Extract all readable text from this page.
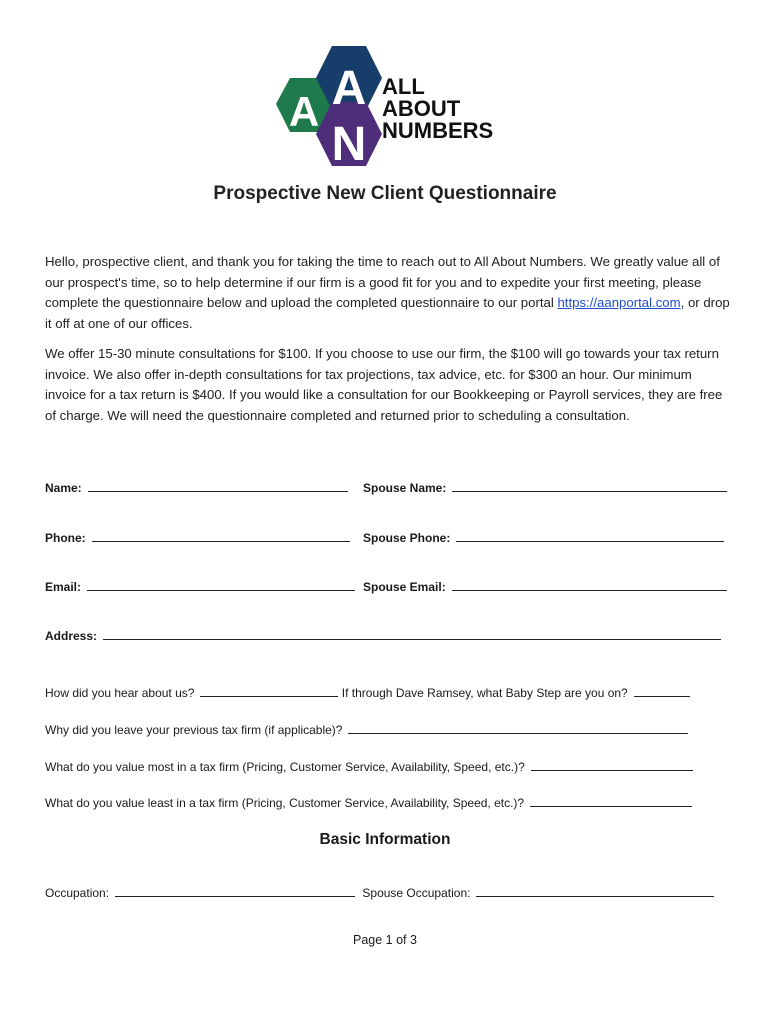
A A
N
ALL
ABOUT
NUMBERS
Prospective New Client Questionnaire

Hello, prospective client, and thank you for taking the time to reach out to All About Numbers. We greatly value all of our prospect's time, so to help determine if our firm is a good fit for you and to expedite your first meeting, please complete the questionnaire below and upload the completed questionnaire to our portal https://aanportal.com, or drop it off at one of our offices.

We offer 15-30 minute consultations for $100. If you choose to use our firm, the $100 will go towards your tax return invoice. We also offer in-depth consultations for tax projections, tax advice, etc. for $300 an hour. Our minimum invoice for a tax return is $400. If you would like a consultation for our Bookkeeping or Payroll services, they are free of charge. We will need the questionnaire completed and returned prior to scheduling a consultation.

Name:	Spouse Name:
Phone:	Spouse Phone:
Email:	Spouse Email:
Address:
How did you hear about us?	If through Dave Ramsey, what Baby Step are you on?
Why did you leave your previous tax firm (if applicable)?
What do you value most in a tax firm (Pricing, Customer Service, Availability, Speed, etc.)?
What do you value least in a tax firm (Pricing, Customer Service, Availability, Speed, etc.)?
Basic Information
Occupation:	Spouse Occupation:
Page 1 of 3
